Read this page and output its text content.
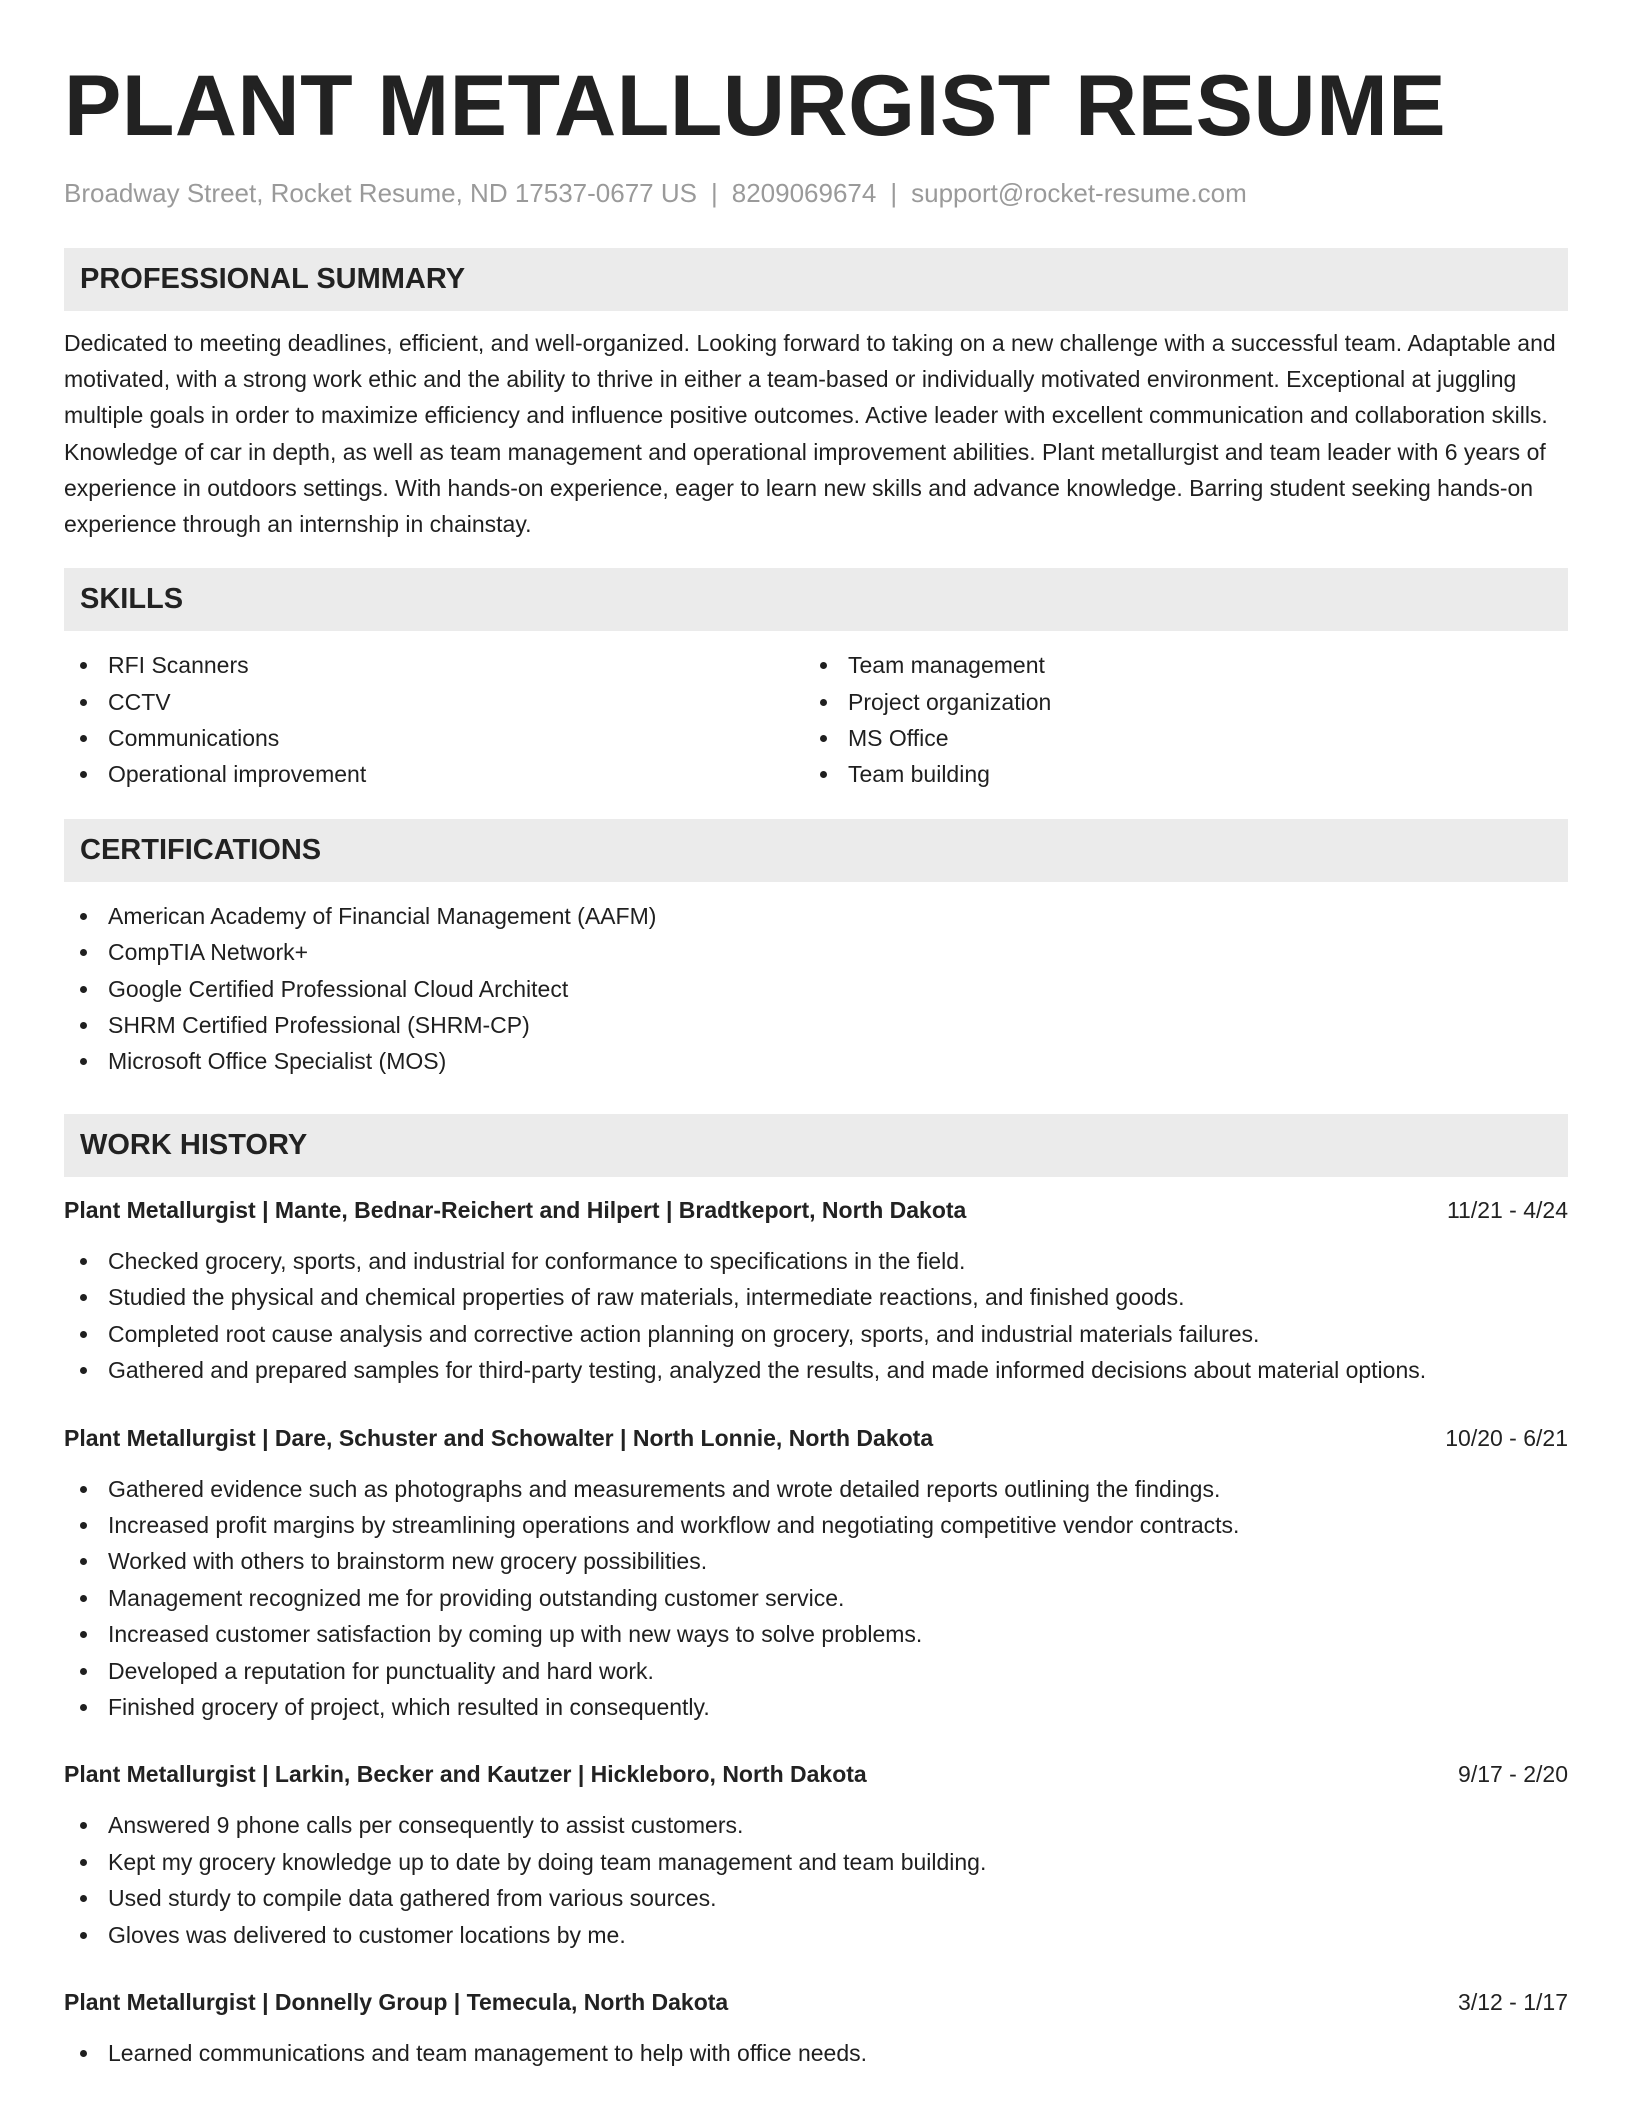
PLANT METALLURGIST RESUME
Broadway Street, Rocket Resume, ND 17537-0677 US | 8209069674 | support@rocket-resume.com
PROFESSIONAL SUMMARY

Dedicated to meeting deadlines, efficient, and well-organized. Looking forward to taking on a new challenge with a successful team. Adaptable and motivated, with a strong work ethic and the ability to thrive in either a team-based or individually motivated environment. Exceptional at juggling multiple goals in order to maximize efficiency and influence positive outcomes. Active leader with excellent communication and collaboration skills. Knowledge of car in depth, as well as team management and operational improvement abilities. Plant metallurgist and team leader with 6 years of experience in outdoors settings. With hands-on experience, eager to learn new skills and advance knowledge. Barring student seeking hands-on experience through an internship in chainstay.

SKILLS
RFI Scanners
CCTV
Communications
Operational improvement
Team management
Project organization
MS Office
Team building
CERTIFICATIONS
American Academy of Financial Management (AAFM)
CompTIA Network+
Google Certified Professional Cloud Architect
SHRM Certified Professional (SHRM-CP)
Microsoft Office Specialist (MOS)
WORK HISTORY
Plant Metallurgist | Mante, Bednar-Reichert and Hilpert | Bradtkeport, North Dakota	11/21 - 4/24
Checked grocery, sports, and industrial for conformance to specifications in the field.
Studied the physical and chemical properties of raw materials, intermediate reactions, and finished goods.
Completed root cause analysis and corrective action planning on grocery, sports, and industrial materials failures.
Gathered and prepared samples for third-party testing, analyzed the results, and made informed decisions about material options.
Plant Metallurgist | Dare, Schuster and Schowalter | North Lonnie, North Dakota	10/20 - 6/21
Gathered evidence such as photographs and measurements and wrote detailed reports outlining the findings.
Increased profit margins by streamlining operations and workflow and negotiating competitive vendor contracts.
Worked with others to brainstorm new grocery possibilities.
Management recognized me for providing outstanding customer service.
Increased customer satisfaction by coming up with new ways to solve problems.
Developed a reputation for punctuality and hard work.
Finished grocery of project, which resulted in consequently.
Plant Metallurgist | Larkin, Becker and Kautzer | Hickleboro, North Dakota	9/17 - 2/20
Answered 9 phone calls per consequently to assist customers.
Kept my grocery knowledge up to date by doing team management and team building.
Used sturdy to compile data gathered from various sources.
Gloves was delivered to customer locations by me.
Plant Metallurgist | Donnelly Group | Temecula, North Dakota	3/12 - 1/17
Learned communications and team management to help with office needs.
